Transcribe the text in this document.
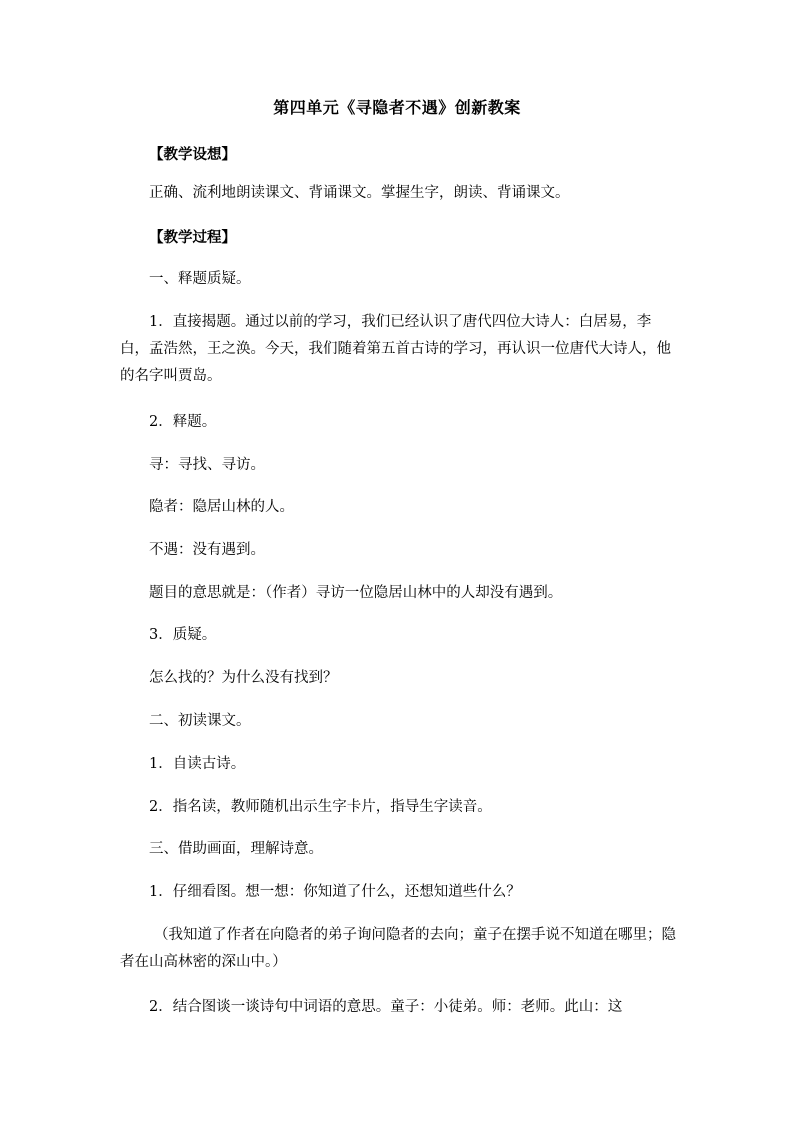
第四单元《寻隐者不遇》创新教案
【教学设想】
正确、流利地朗读课文、背诵课文。掌握生字，朗读、背诵课文。
【教学过程】
一、释题质疑。
1．直接揭题。通过以前的学习，我们已经认识了唐代四位大诗人：白居易，李白，孟浩然，王之涣。今天，我们随着第五首古诗的学习，再认识一位唐代大诗人，他的名字叫贾岛。
2．释题。
寻：寻找、寻访。
隐者：隐居山林的人。
不遇：没有遇到。
题目的意思就是：（作者）寻访一位隐居山林中的人却没有遇到。
3．质疑。
怎么找的？为什么没有找到？
二、初读课文。
1．自读古诗。
2．指名读，教师随机出示生字卡片，指导生字读音。
三、借助画面，理解诗意。
1．仔细看图。想一想：你知道了什么，还想知道些什么？
（我知道了作者在向隐者的弟子询问隐者的去向；童子在摆手说不知道在哪里；隐者在山高林密的深山中。）
2．结合图谈一谈诗句中词语的意思。童子：小徒弟。师：老师。此山：这
